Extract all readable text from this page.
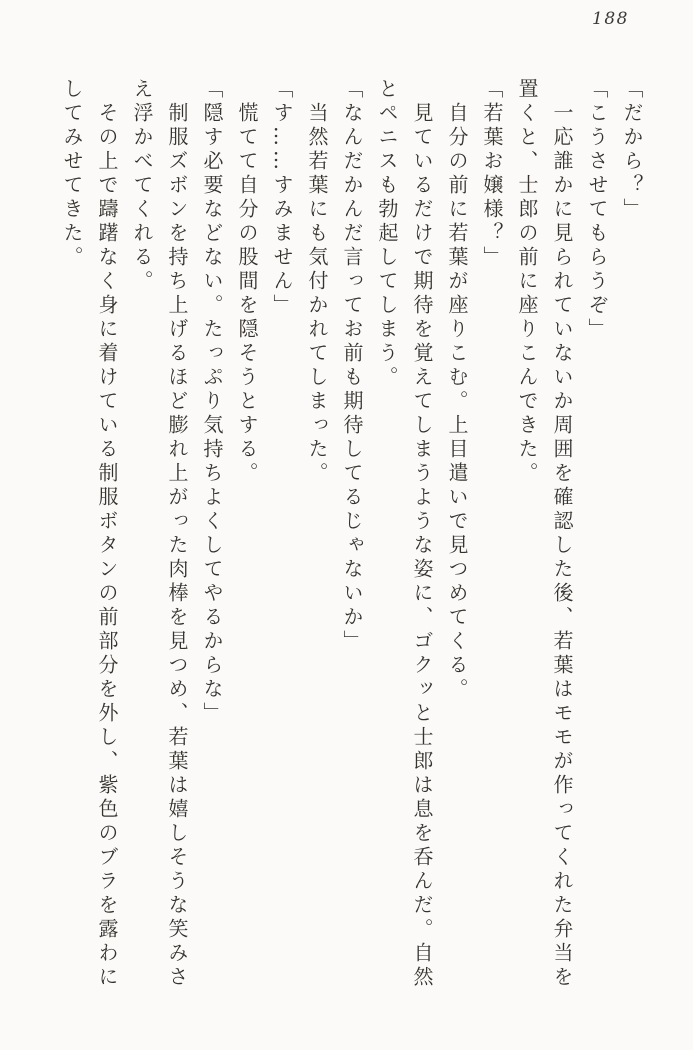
188

「だから？」

「こうさせてもらうぞ」

一応誰かに見られていないか周囲を確認した後、若葉はモモが作ってくれた弁当を置くと、士郎の前に座りこんできた。

「若葉お嬢様？」

自分の前に若葉が座りこむ。上目遣いで見つめてくる。

見ているだけで期待を覚えてしまうような姿に、ゴクッと士郎は息を呑んだ。自然とペニスも勃起してしまう。

「なんだかんだ言ってお前も期待してるじゃないか」

当然若葉にも気付かれてしまった。

「す……すみません」

慌てて自分の股間を隠そうとする。

「隠す必要などない。たっぷり気持ちよくしてやるからな」

制服ズボンを持ち上げるほど膨れ上がった肉棒を見つめ、若葉は嬉しそうな笑みさえ浮かべてくれる。

その上で躊躇なく身に着けている制服ボタンの前部分を外し、紫色のブラを露わにしてみせてきた。
